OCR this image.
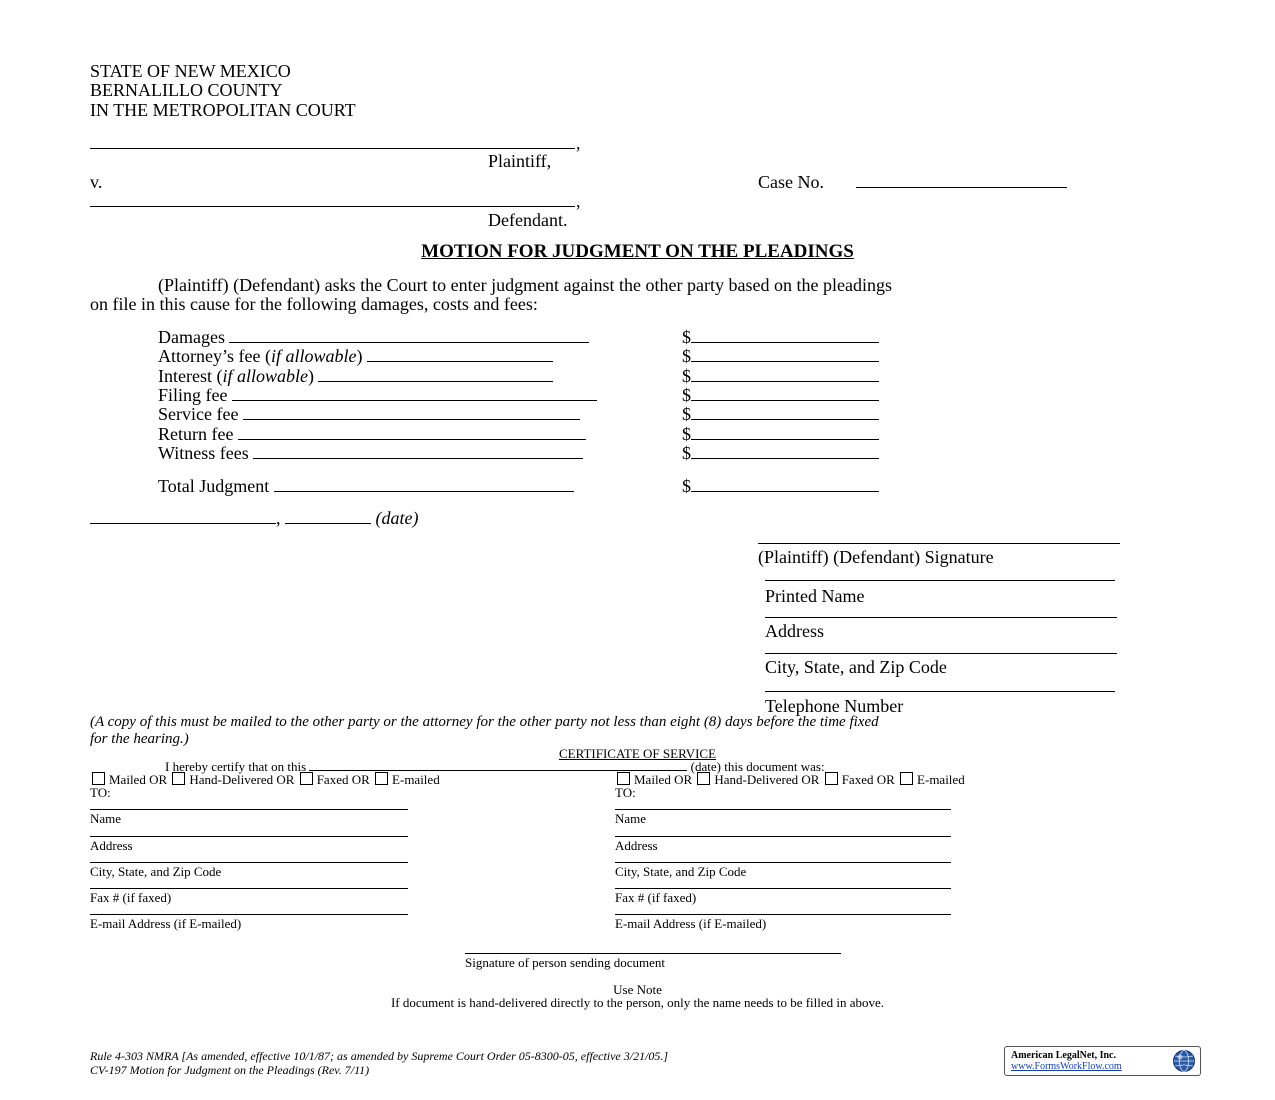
STATE OF NEW MEXICO
BERNALILLO COUNTY
IN THE METROPOLITAN COURT
,
Plaintiff,
v.
,
Defendant.
Case No.
MOTION FOR JUDGMENT ON THE PLEADINGS
(Plaintiff) (Defendant) asks the Court to enter judgment against the other party based on the pleadings
on file in this cause for the following damages, costs and fees:
Damages
Attorney’s fee (if allowable)
Interest (if allowable)
Filing fee
Service fee
Return fee
Witness fees
Total Judgment
$
$
$
$
$
$
$
$
,	(date)
(Plaintiff) (Defendant) Signature
Printed Name
Address
City, State, and Zip Code
Telephone Number
(A copy of this must be mailed to the other party or the attorney for the other party not less than eight (8) days before the time fixed
for the hearing.)
CERTIFICATE OF SERVICE
I hereby certify that on this	(date) this document was:
Mailed OR Hand-Delivered OR Faxed OR E-mailed
TO:
Name
Address
City, State, and Zip Code
Fax # (if faxed)
E-mail Address (if E-mailed)
Mailed OR Hand-Delivered OR Faxed OR E-mailed
TO:
Name
Address
City, State, and Zip Code
Fax # (if faxed)
E-mail Address (if E-mailed)
Signature of person sending document
Use Note
If document is hand-delivered directly to the person, only the name needs to be filled in above.
Rule 4-303 NMRA [As amended, effective 10/1/87; as amended by Supreme Court Order 05-8300-05, effective 3/21/05.]
CV-197 Motion for Judgment on the Pleadings (Rev. 7/11)
American LegalNet, Inc.
www.FormsWorkFlow.com
